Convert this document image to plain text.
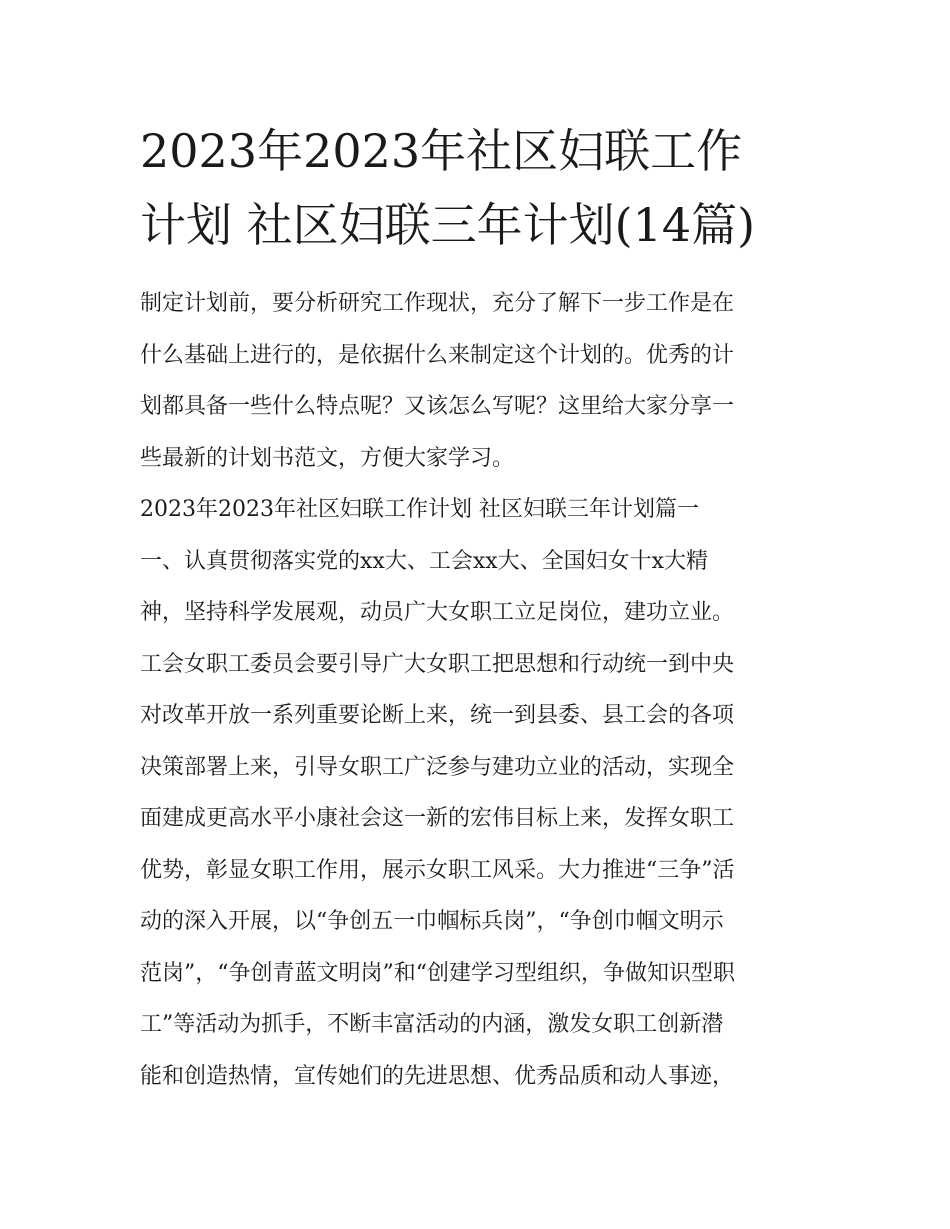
2023年2023年社区妇联工作
计划 社区妇联三年计划(14篇)

制定计划前，要分析研究工作现状，充分了解下一步工作是在
什么基础上进行的，是依据什么来制定这个计划的。优秀的计
划都具备一些什么特点呢？又该怎么写呢？这里给大家分享一
些最新的计划书范文，方便大家学习。

2023年2023年社区妇联工作计划 社区妇联三年计划篇一

一、认真贯彻落实党的xx大、工会xx大、全国妇女十x大精
神，坚持科学发展观，动员广大女职工立足岗位，建功立业。
工会女职工委员会要引导广大女职工把思想和行动统一到中央
对改革开放一系列重要论断上来，统一到县委、县工会的各项
决策部署上来，引导女职工广泛参与建功立业的活动，实现全
面建成更高水平小康社会这一新的宏伟目标上来，发挥女职工
优势，彰显女职工作用，展示女职工风采。大力推进“三争”活
动的深入开展，以“争创五一巾帼标兵岗”，“争创巾帼文明示
范岗”，“争创青蓝文明岗”和“创建学习型组织，争做知识型职
工”等活动为抓手，不断丰富活动的内涵，激发女职工创新潜
能和创造热情，宣传她们的先进思想、优秀品质和动人事迹，
